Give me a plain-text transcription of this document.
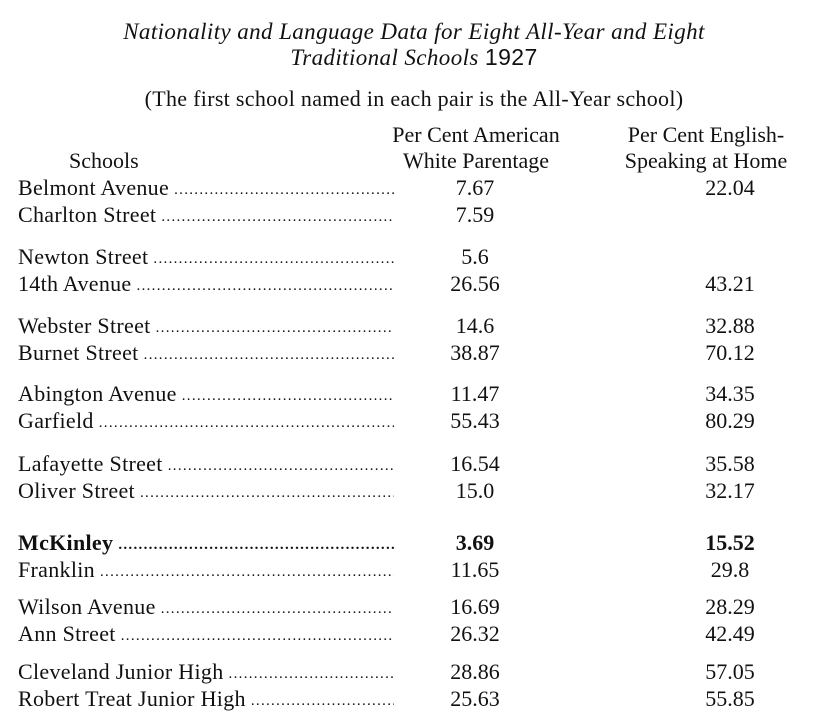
Nationality and Language Data for Eight All-Year and Eight
Traditional Schools 1927
(The first school named in each pair is the All-Year school)
Schools
Per Cent American
White Parentage
Per Cent English-
Speaking at Home
Belmont Avenue .....	7.67	22.04
Charlton Street .....	7.59
Newton Street .....	5.6
14th Avenue .....	26.56	43.21
Webster Street .....	14.6	32.88
Burnet Street .....	38.87	70.12
Abington Avenue .....	11.47	34.35
Garfield .....	55.43	80.29
Lafayette Street .....	16.54	35.58
Oliver Street .....	15.0	32.17
McKinley .....	3.69	15.52
Franklin .....	11.65	29.8
Wilson Avenue .....	16.69	28.29
Ann Street .....	26.32	42.49
Cleveland Junior High .....	28.86	57.05
Robert Treat Junior High .....	25.63	55.85
